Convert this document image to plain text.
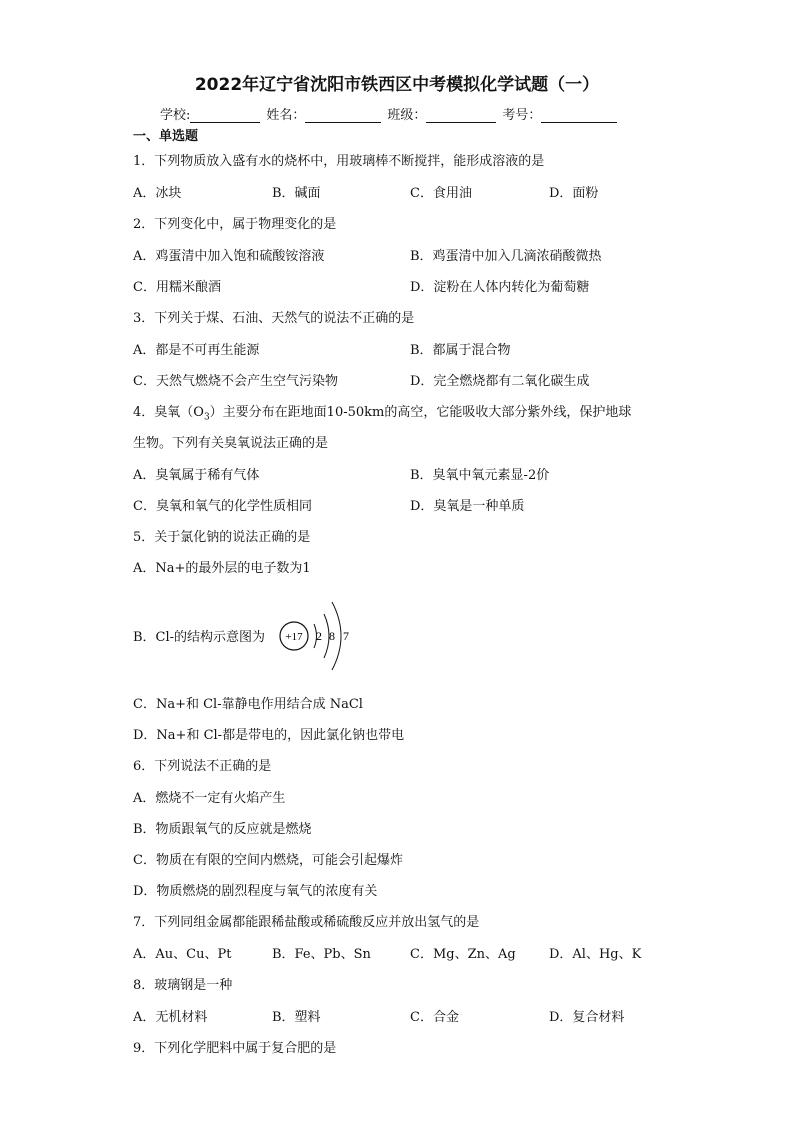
2022年辽宁省沈阳市铁西区中考模拟化学试题（一）
学校:	姓名：	班级：	考号：
一、单选题
1．下列物质放入盛有水的烧杯中，用玻璃棒不断搅拌，能形成溶液的是
A．冰块	B．碱面	C．食用油	D．面粉
2．下列变化中，属于物理变化的是
A．鸡蛋清中加入饱和硫酸铵溶液	B．鸡蛋清中加入几滴浓硝酸微热
C．用糯米酿酒	D．淀粉在人体内转化为葡萄糖
3．下列关于煤、石油、天然气的说法不正确的是
A．都是不可再生能源	B．都属于混合物
C．天然气燃烧不会产生空气污染物	D．完全燃烧都有二氧化碳生成
4．臭氧$(O_3)$主要分布在距地面10-50km的高空，它能吸收大部分紫外线，保护地球
生物。下列有关臭氧说法正确的是
A．臭氧属于稀有气体	B．臭氧中氧元素显-2价
C．臭氧和氧气的化学性质相同	D．臭氧是一种单质
5．关于氯化钠的说法正确的是
A．Na+的最外层的电子数为1
B．Cl-的结构示意图为 +17 2 8 7
C．Na+和 Cl-靠静电作用结合成 NaCl
D．Na+和 Cl-都是带电的，因此氯化钠也带电
6．下列说法不正确的是
A．燃烧不一定有火焰产生
B．物质跟氧气的反应就是燃烧
C．物质在有限的空间内燃烧，可能会引起爆炸
D．物质燃烧的剧烈程度与氧气的浓度有关
7．下列同组金属都能跟稀盐酸或稀硫酸反应并放出氢气的是
A．Au、Cu、Pt	B．Fe、Pb、Sn	C．Mg、Zn、Ag	D．Al、Hg、K
8．玻璃钢是一种
A．无机材料	B．塑料	C．合金	D．复合材料
9．下列化学肥料中属于复合肥的是
